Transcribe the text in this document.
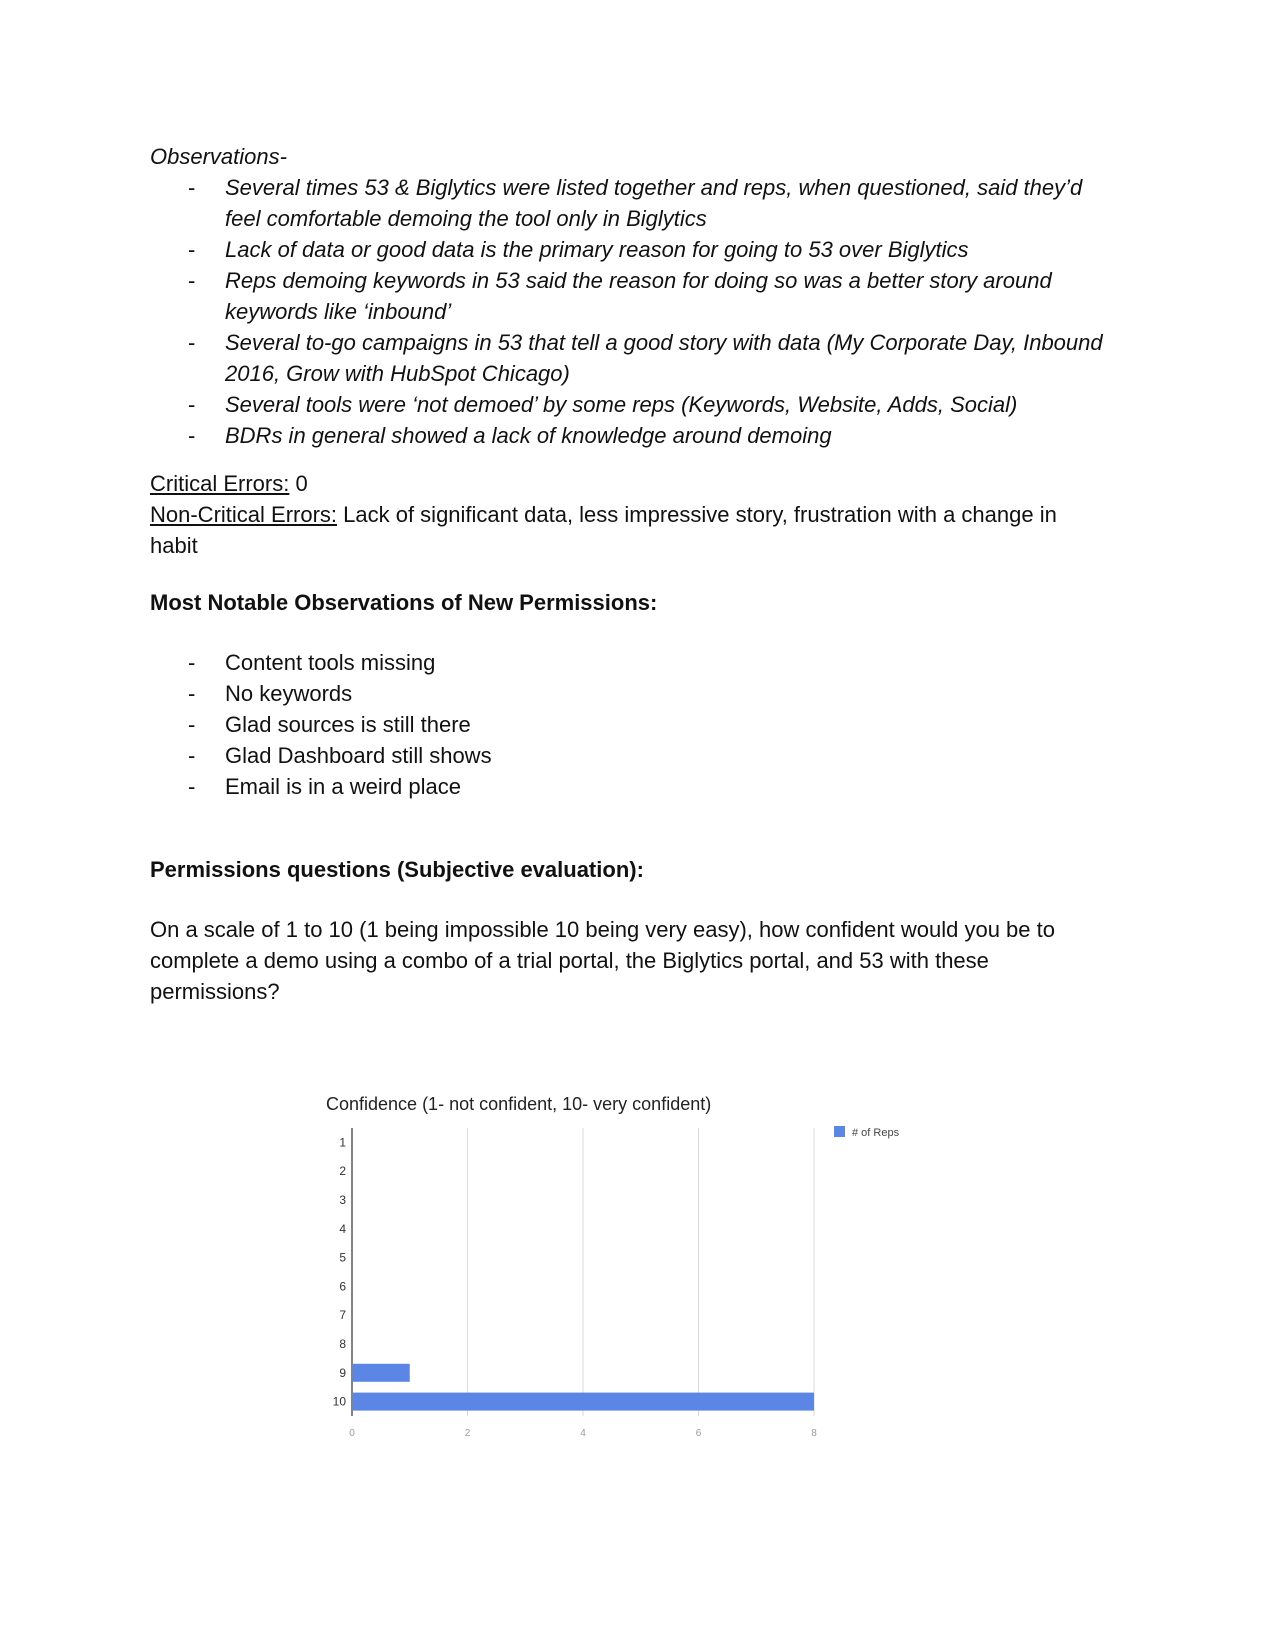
Observations-
- Several times 53 & Biglytics were listed together and reps, when questioned, said they’d feel comfortable demoing the tool only in Biglytics
- Lack of data or good data is the primary reason for going to 53 over Biglytics
- Reps demoing keywords in 53 said the reason for doing so was a better story around keywords like ‘inbound’
- Several to-go campaigns in 53 that tell a good story with data (My Corporate Day, Inbound 2016, Grow with HubSpot Chicago)
- Several tools were ‘not demoed’ by some reps (Keywords, Website, Adds, Social)
- BDRs in general showed a lack of knowledge around demoing
Critical Errors: 0
Non-Critical Errors: Lack of significant data, less impressive story, frustration with a change in habit
Most Notable Observations of New Permissions:
- Content tools missing
- No keywords
- Glad sources is still there
- Glad Dashboard still shows
- Email is in a weird place
Permissions questions (Subjective evaluation):
On a scale of 1 to 10 (1 being impossible 10 being very easy), how confident would you be to complete a demo using a combo of a trial portal, the Biglytics portal, and 53 with these permissions?
Confidence (1- not confident, 10- very confident)
0	2	4	6	8
1
2
3
4
5
6
7
8
9
10
# of Reps
